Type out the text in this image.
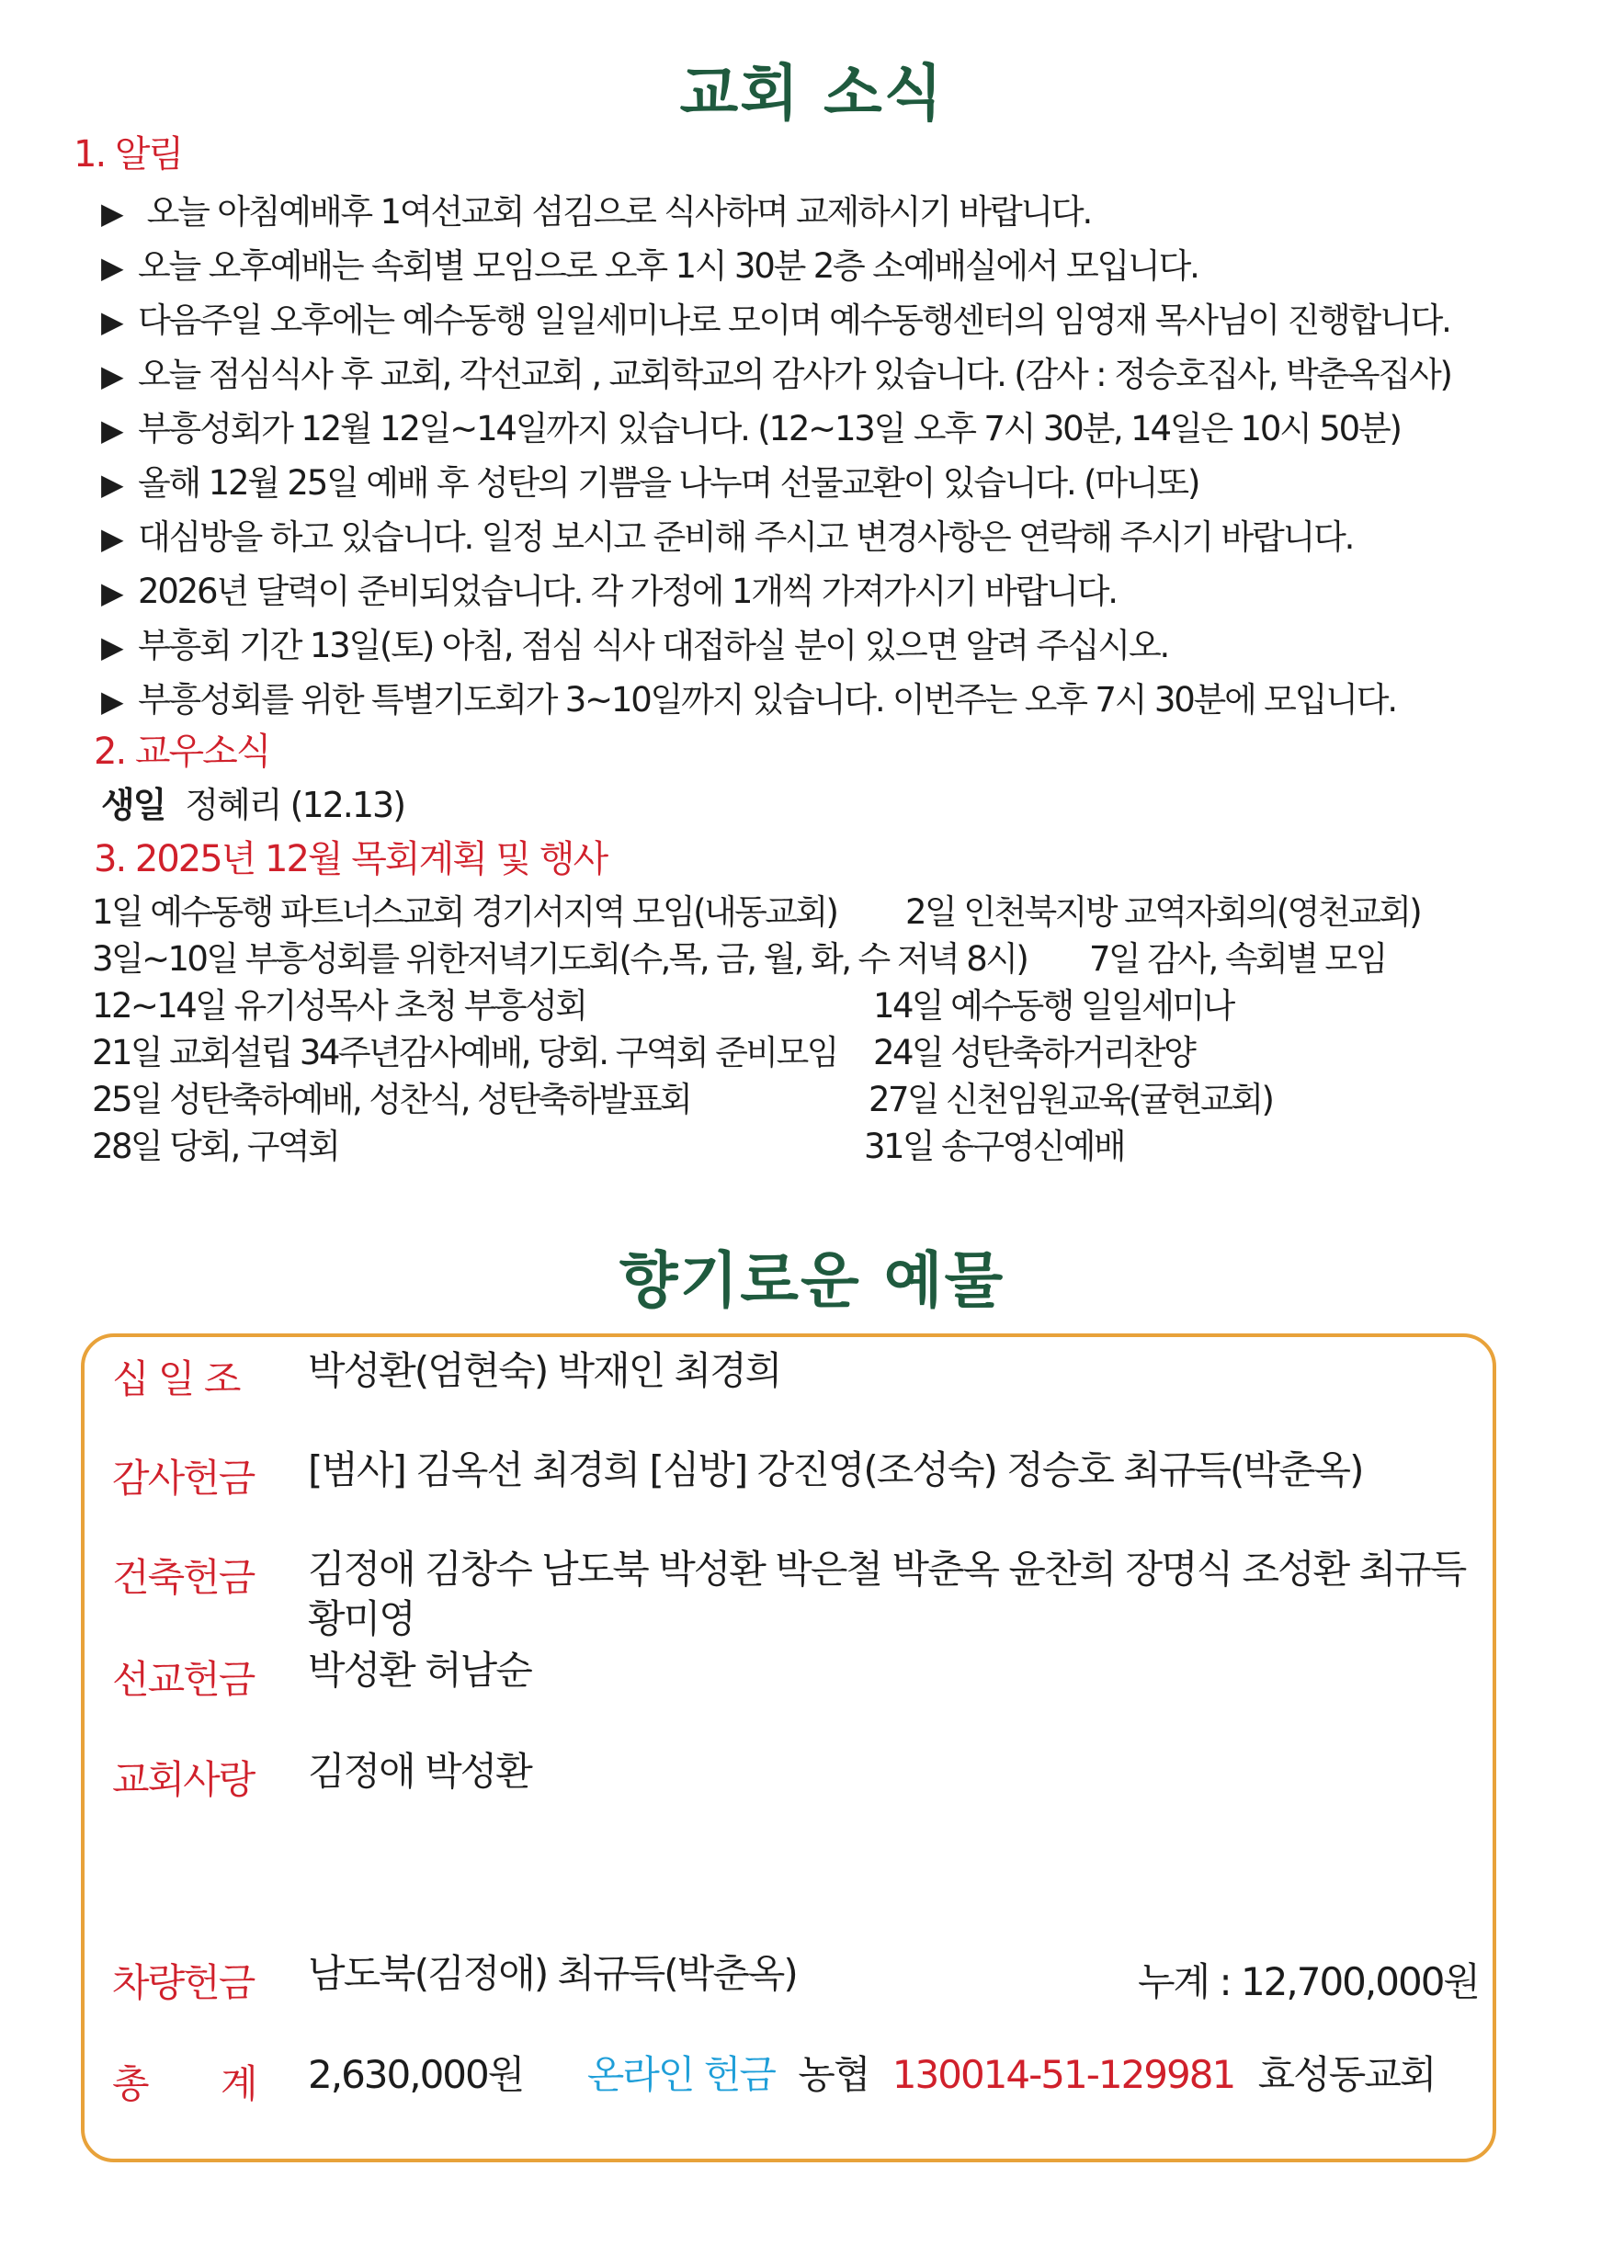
교회 소식
1. 알림
▶ 오늘 아침예배후 1여선교회 섬김으로 식사하며 교제하시기 바랍니다.
▶ 오늘 오후예배는 속회별 모임으로 오후 1시 30분 2층 소예배실에서 모입니다.
▶ 다음주일 오후에는 예수동행 일일세미나로 모이며 예수동행센터의 임영재 목사님이 진행합니다.
▶ 오늘 점심식사 후 교회, 각선교회 , 교회학교의 감사가 있습니다. (감사 : 정승호집사, 박춘옥집사)
▶ 부흥성회가 12월 12일~14일까지 있습니다. (12~13일 오후 7시 30분, 14일은 10시 50분)
▶ 올해 12월 25일 예배 후 성탄의 기쁨을 나누며 선물교환이 있습니다. (마니또)
▶ 대심방을 하고 있습니다. 일정 보시고 준비해 주시고 변경사항은 연락해 주시기 바랍니다.
▶ 2026년 달력이 준비되었습니다. 각 가정에 1개씩 가져가시기 바랍니다.
▶ 부흥회 기간 13일(토) 아침, 점심 식사 대접하실 분이 있으면 알려 주십시오.
▶ 부흥성회를 위한 특별기도회가 3~10일까지 있습니다. 이번주는 오후 7시 30분에 모입니다.
2. 교우소식
생일 정혜리 (12.13)
3. 2025년 12월 목회계획 및 행사
1일 예수동행 파트너스교회 경기서지역 모임(내동교회) 2일 인천북지방 교역자회의(영천교회)
3일~10일 부흥성회를 위한저녁기도회(수,목, 금, 월, 화, 수 저녁 8시) 7일 감사, 속회별 모임
12~14일 유기성목사 초청 부흥성회	14일 예수동행 일일세미나
21일 교회설립 34주년감사예배, 당회. 구역회 준비모임 24일 성탄축하거리찬양
25일 성탄축하예배, 성찬식, 성탄축하발표회	27일 신천임원교육(귤현교회)
28일 당회, 구역회	31일 송구영신예배
향기로운 예물
십 일 조 박성환(엄현숙) 박재인 최경희
감사헌금 [범사] 김옥선 최경희 [심방] 강진영(조성숙) 정승호 최규득(박춘옥)
건축헌금 김정애 김창수 남도북 박성환 박은철 박춘옥 윤찬희 장명식 조성환 최규득
황미영
선교헌금 박성환 허남순
교회사랑 김정애 박성환
차량헌금 남도북(김정애) 최규득(박춘옥)	누계 : 12,700,000원
총       계 2,630,000원 온라인 헌금 농협 130014-51-129981 효성동교회
